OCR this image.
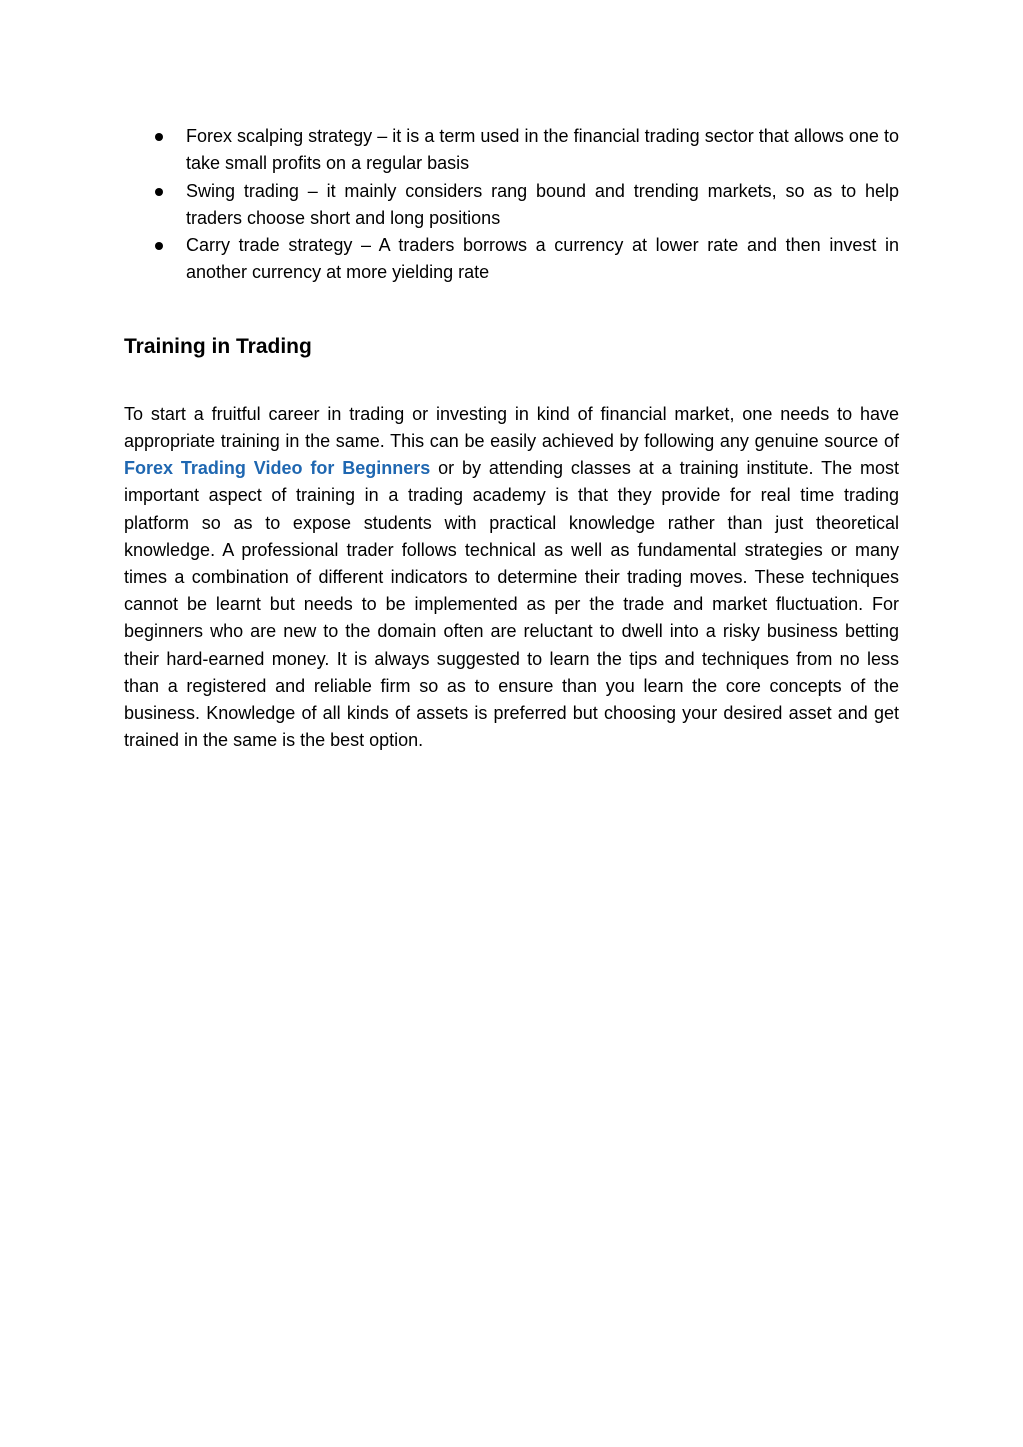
Forex scalping strategy – it is a term used in the financial trading sector that allows one to take small profits on a regular basis
Swing trading – it mainly considers rang bound and trending markets, so as to help traders choose short and long positions
Carry trade strategy – A traders borrows a currency at lower rate and then invest in another currency at more yielding rate
Training in Trading

To start a fruitful career in trading or investing in kind of financial market, one needs to have appropriate training in the same. This can be easily achieved by following any genuine source of Forex Trading Video for Beginners or by attending classes at a training institute. The most important aspect of training in a trading academy is that they provide for real time trading platform so as to expose students with practical knowledge rather than just theoretical knowledge. A professional trader follows technical as well as fundamental strategies or many times a combination of different indicators to determine their trading moves. These techniques cannot be learnt but needs to be implemented as per the trade and market fluctuation. For beginners who are new to the domain often are reluctant to dwell into a risky business betting their hard-earned money. It is always suggested to learn the tips and techniques from no less than a registered and reliable firm so as to ensure than you learn the core concepts of the business. Knowledge of all kinds of assets is preferred but choosing your desired asset and get trained in the same is the best option.
